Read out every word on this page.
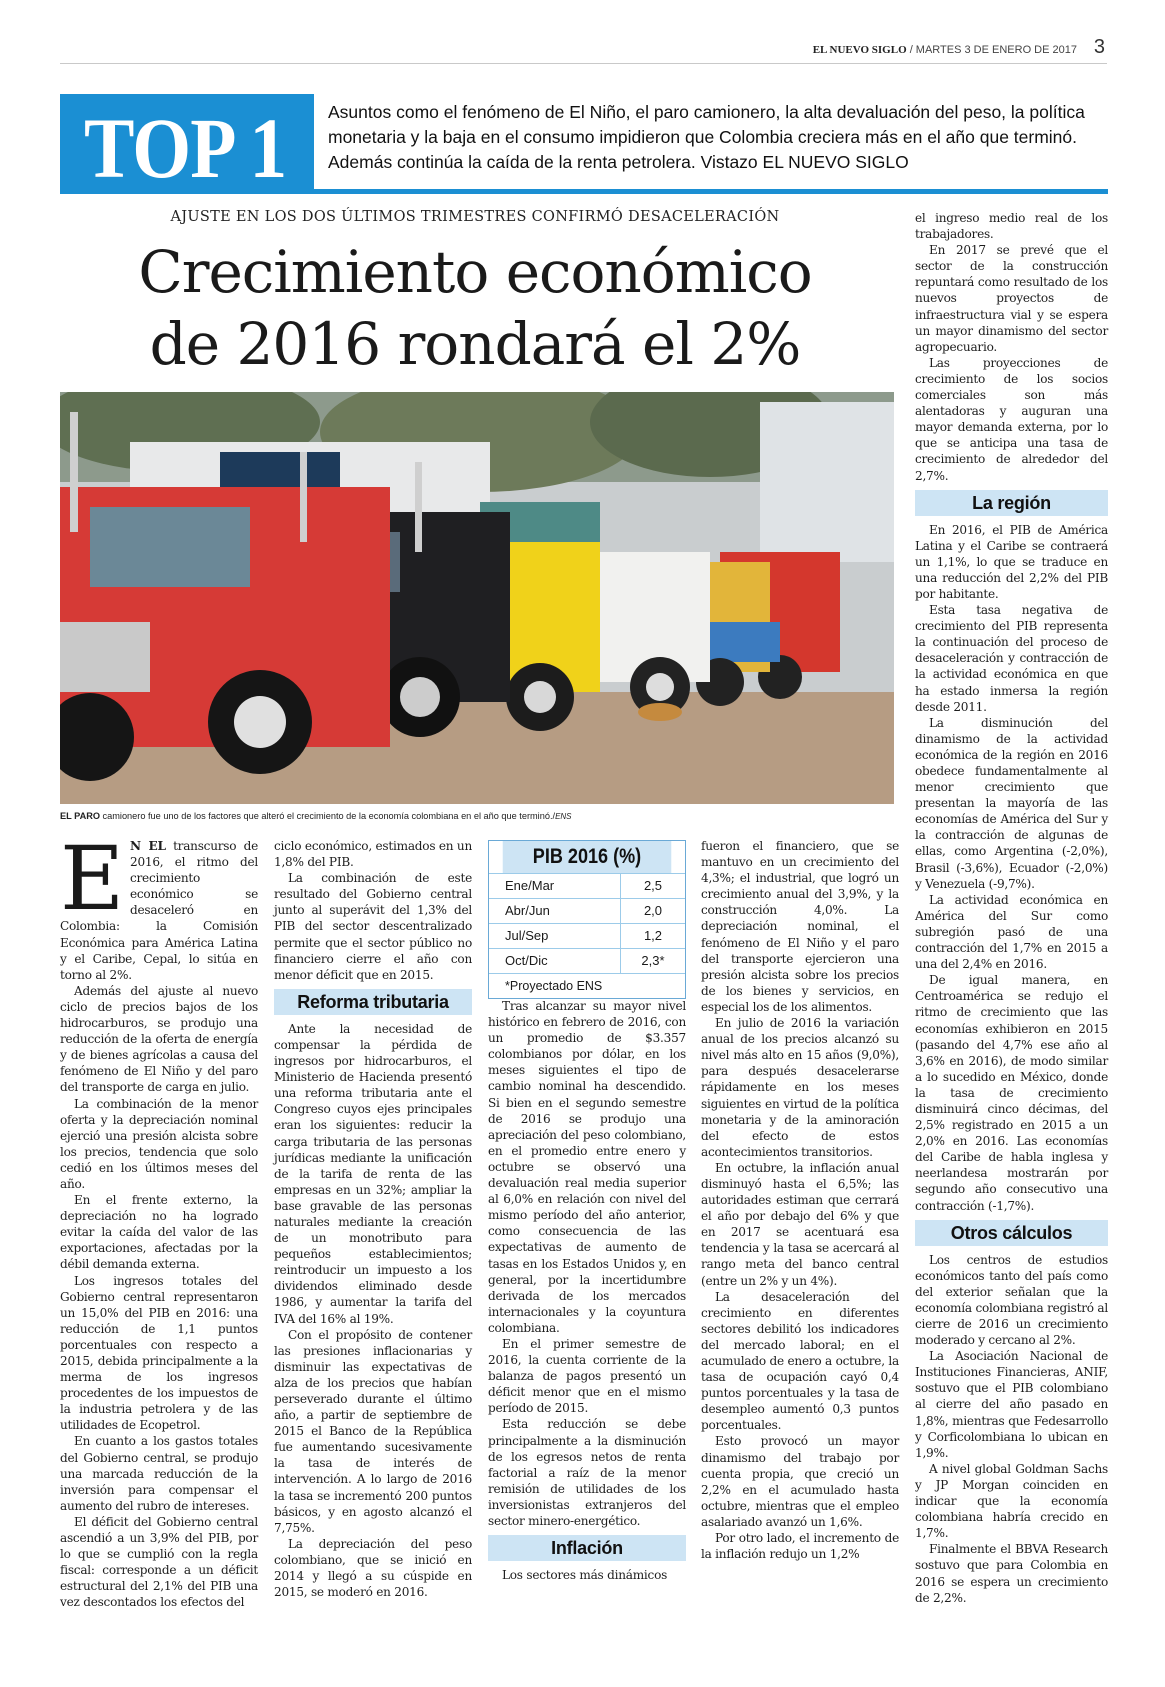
EL NUEVO SIGLO / MARTES 3 DE ENERO DE 2017 3
TOP 1 Asuntos como el fenómeno de El Niño, el paro camionero, la alta devaluación del peso, la política monetaria y la baja en el consumo impidieron que Colombia creciera más en el año que terminó. Además continúa la caída de la renta petrolera. Vistazo EL NUEVO SIGLO
AJUSTE EN LOS DOS ÚLTIMOS TRIMESTRES CONFIRMÓ DESACELERACIÓN
Crecimiento económico
de 2016 rondará el 2%
EL PARO camionero fue uno de los factores que alteró el crecimiento de la economía colombiana en el año que terminó./ENS

E N EL transcurso de 2016, el ritmo del crecimiento económico se desaceleró en Colombia: la Comisión Económica para América Latina y el Caribe, Cepal, lo sitúa en torno al 2%.

Además del ajuste al nuevo ciclo de precios bajos de los hidrocarburos, se produjo una reducción de la oferta de energía y de bienes agrícolas a causa del fenómeno de El Niño y del paro del transporte de carga en julio.

La combinación de la menor oferta y la depreciación nominal ejerció una presión alcista sobre los precios, tendencia que solo cedió en los últimos meses del año.

En el frente externo, la depreciación no ha logrado evitar la caída del valor de las exportaciones, afectadas por la débil demanda externa.

Los ingresos totales del Gobierno central representaron un 15,0% del PIB en 2016: una reducción de 1,1 puntos porcentuales con respecto a 2015, debida principalmente a la merma de los ingresos procedentes de los impuestos de la industria petrolera y de las utilidades de Ecopetrol.

En cuanto a los gastos totales del Gobierno central, se produjo una marcada reducción de la inversión para compensar el aumento del rubro de intereses.

El déficit del Gobierno central ascendió a un 3,9% del PIB, por lo que se cumplió con la regla fiscal: corresponde a un déficit estructural del 2,1% del PIB una vez descontados los efectos del

ciclo económico, estimados en un 1,8% del PIB.

La combinación de este resultado del Gobierno central junto al superávit del 1,3% del PIB del sector descentralizado permite que el sector público no financiero cierre el año con menor déficit que en 2015.

Reforma tributaria

Ante la necesidad de compensar la pérdida de ingresos por hidrocarburos, el Ministerio de Hacienda presentó una reforma tributaria ante el Congreso cuyos ejes principales eran los siguientes: reducir la carga tributaria de las personas jurídicas mediante la unificación de la tarifa de renta de las empresas en un 32%; ampliar la base gravable de las personas naturales mediante la creación de un monotributo para pequeños establecimientos; reintroducir un impuesto a los dividendos eliminado desde 1986, y aumentar la tarifa del IVA del 16% al 19%.

Con el propósito de contener las presiones inflacionarias y disminuir las expectativas de alza de los precios que habían perseverado durante el último año, a partir de septiembre de 2015 el Banco de la República fue aumentando sucesivamente la tasa de interés de intervención. A lo largo de 2016 la tasa se incrementó 200 puntos básicos, y en agosto alcanzó el 7,75%.

La depreciación del peso colombiano, que se inició en 2014 y llegó a su cúspide en 2015, se moderó en 2016.

PIB 2016 (%)
Ene/Mar	2,5
Abr/Jun	2,0
Jul/Sep	1,2
Oct/Dic	2,3*
*Proyectado ENS

Tras alcanzar su mayor nivel histórico en febrero de 2016, con un promedio de $3.357 colombianos por dólar, en los meses siguientes el tipo de cambio nominal ha descendido. Si bien en el segundo semestre de 2016 se produjo una apreciación del peso colombiano, en el promedio entre enero y octubre se observó una devaluación real media superior al 6,0% en relación con nivel del mismo período del año anterior, como consecuencia de las expectativas de aumento de tasas en los Estados Unidos y, en general, por la incertidumbre derivada de los mercados internacionales y la coyuntura colombiana.

En el primer semestre de 2016, la cuenta corriente de la balanza de pagos presentó un déficit menor que en el mismo período de 2015.

Esta reducción se debe principalmente a la disminución de los egresos netos de renta factorial a raíz de la menor remisión de utilidades de los inversionistas extranjeros del sector minero-energético.

Inflación

Los sectores más dinámicos

fueron el financiero, que se mantuvo en un crecimiento del 4,3%; el industrial, que logró un crecimiento anual del 3,9%, y la construcción 4,0%. La depreciación nominal, el fenómeno de El Niño y el paro del transporte ejercieron una presión alcista sobre los precios de los bienes y servicios, en especial los de los alimentos.

En julio de 2016 la variación anual de los precios alcanzó su nivel más alto en 15 años (9,0%), para después desacelerarse rápidamente en los meses siguientes en virtud de la política monetaria y de la aminoración del efecto de estos acontecimientos transitorios.

En octubre, la inflación anual disminuyó hasta el 6,5%; las autoridades estiman que cerrará el año por debajo del 6% y que en 2017 se acentuará esa tendencia y la tasa se acercará al rango meta del banco central (entre un 2% y un 4%).

La desaceleración del crecimiento en diferentes sectores debilitó los indicadores del mercado laboral; en el acumulado de enero a octubre, la tasa de ocupación cayó 0,4 puntos porcentuales y la tasa de desempleo aumentó 0,3 puntos porcentuales.

Esto provocó un mayor dinamismo del trabajo por cuenta propia, que creció un 2,2% en el acumulado hasta octubre, mientras que el empleo asalariado avanzó un 1,6%.

Por otro lado, el incremento de la inflación redujo un 1,2%

el ingreso medio real de los trabajadores.

En 2017 se prevé que el sector de la construcción repuntará como resultado de los nuevos proyectos de infraestructura vial y se espera un mayor dinamismo del sector agropecuario.

Las proyecciones de crecimiento de los socios comerciales son más alentadoras y auguran una mayor demanda externa, por lo que se anticipa una tasa de crecimiento de alrededor del 2,7%.

La región

En 2016, el PIB de América Latina y el Caribe se contraerá un 1,1%, lo que se traduce en una reducción del 2,2% del PIB por habitante.

Esta tasa negativa de crecimiento del PIB representa la continuación del proceso de desaceleración y contracción de la actividad económica en que ha estado inmersa la región desde 2011.

La disminución del dinamismo de la actividad económica de la región en 2016 obedece fundamentalmente al menor crecimiento que presentan la mayoría de las economías de América del Sur y la contracción de algunas de ellas, como Argentina (-2,0%), Brasil (-3,6%), Ecuador (-2,0%) y Venezuela (-9,7%).

La actividad económica en América del Sur como subregión pasó de una contracción del 1,7% en 2015 a una del 2,4% en 2016.

De igual manera, en Centroamérica se redujo el ritmo de crecimiento que las economías exhibieron en 2015 (pasando del 4,7% ese año al 3,6% en 2016), de modo similar a lo sucedido en México, donde la tasa de crecimiento disminuirá cinco décimas, del 2,5% registrado en 2015 a un 2,0% en 2016. Las economías del Caribe de habla inglesa y neerlandesa mostrarán por segundo año consecutivo una contracción (-1,7%).

Otros cálculos

Los centros de estudios económicos tanto del país como del exterior señalan que la economía colombiana registró al cierre de 2016 un crecimiento moderado y cercano al 2%.

La Asociación Nacional de Instituciones Financieras, ANIF, sostuvo que el PIB colombiano al cierre del año pasado en 1,8%, mientras que Fedesarrollo y Corficolombiana lo ubican en 1,9%.

A nivel global Goldman Sachs y JP Morgan coinciden en indicar que la economía colombiana habría crecido en 1,7%.

Finalmente el BBVA Research sostuvo que para Colombia en 2016 se espera un crecimiento de 2,2%.
